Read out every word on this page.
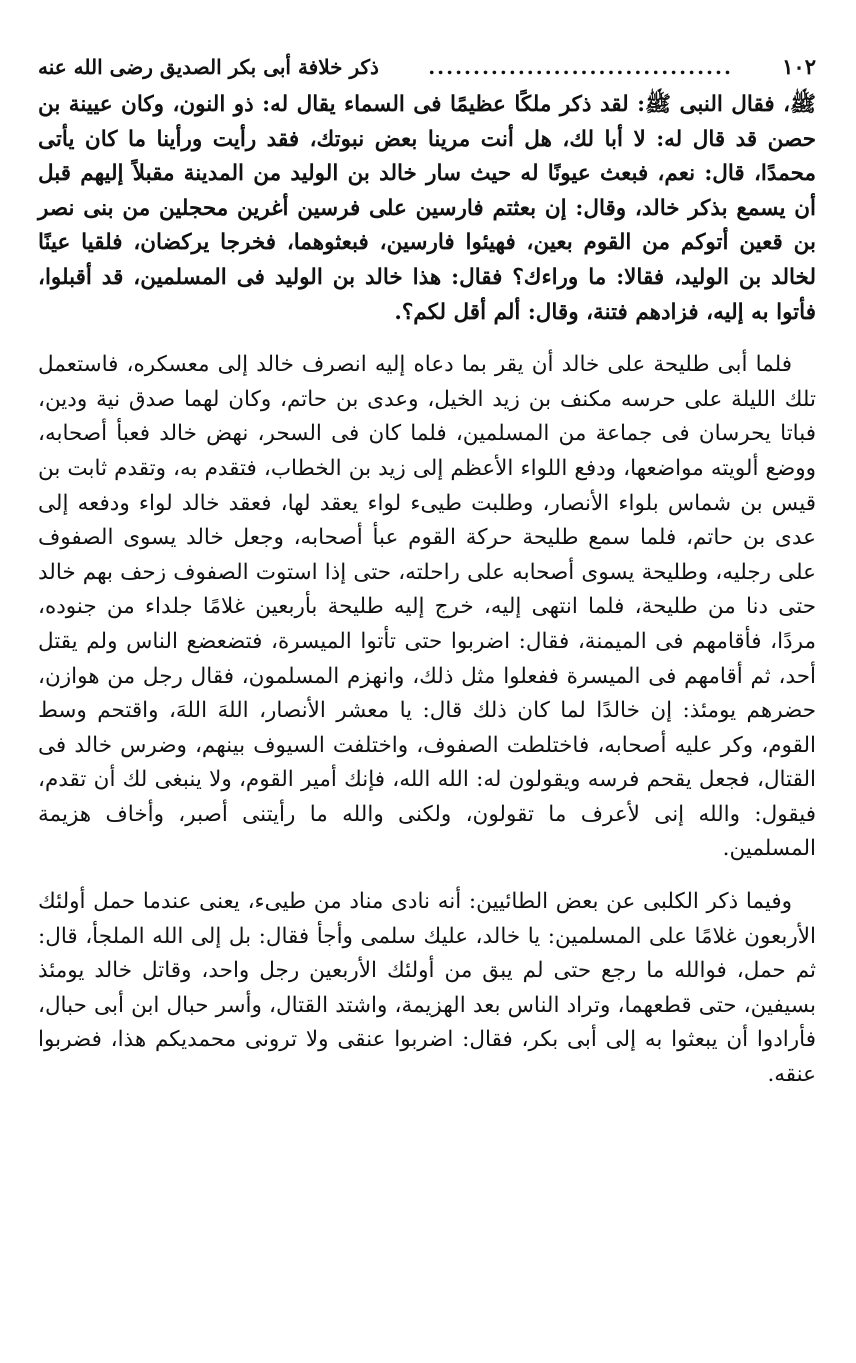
١٠٢
..................................
ذكر خلافة أبى بكر الصديق رضى الله عنه

ﷺ، فقال النبى ﷺ: لقد ذكر ملكًا عظيمًا فى السماء يقال له: ذو النون، وكان عيينة بن حصن قد قال له: لا أبا لك، هل أنت مرينا بعض نبوتك، فقد رأيت ورأينا ما كان يأتى محمدًا، قال: نعم، فبعث عيونًا له حيث سار خالد بن الوليد من المدينة مقبلاً إليهم قبل أن يسمع بذكر خالد، وقال: إن بعثتم فارسين على فرسين أغرين محجلين من بنى نصر بن قعين أتوكم من القوم بعين، فهيئوا فارسين، فبعثوهما، فخرجا يركضان، فلقيا عينًا لخالد بن الوليد، فقالا: ما وراءك؟ فقال: هذا خالد بن الوليد فى المسلمين، قد أقبلوا، فأتوا به إليه، فزادهم فتنة، وقال: ألم أقل لكم؟.

فلما أبى طليحة على خالد أن يقر بما دعاه إليه انصرف خالد إلى معسكره، فاستعمل تلك الليلة على حرسه مكنف بن زيد الخيل، وعدى بن حاتم، وكان لهما صدق نية ودين، فباتا يحرسان فى جماعة من المسلمين، فلما كان فى السحر، نهض خالد فعبأ أصحابه، ووضع ألويته مواضعها، ودفع اللواء الأعظم إلى زيد بن الخطاب، فتقدم به، وتقدم ثابت بن قيس بن شماس بلواء الأنصار، وطلبت طيىء لواء يعقد لها، فعقد خالد لواء ودفعه إلى عدى بن حاتم، فلما سمع طليحة حركة القوم عبأ أصحابه، وجعل خالد يسوى الصفوف على رجليه، وطليحة يسوى أصحابه على راحلته، حتى إذا استوت الصفوف زحف بهم خالد حتى دنا من طليحة، فلما انتهى إليه، خرج إليه طليحة بأربعين غلامًا جلداء من جنوده، مردًا، فأقامهم فى الميمنة، فقال: اضربوا حتى تأتوا الميسرة، فتضعضع الناس ولم يقتل أحد، ثم أقامهم فى الميسرة ففعلوا مثل ذلك، وانهزم المسلمون، فقال رجل من هوازن، حضرهم يومئذ: إن خالدًا لما كان ذلك قال: يا معشر الأنصار، اللهَ اللهَ، واقتحم وسط القوم، وكر عليه أصحابه، فاختلطت الصفوف، واختلفت السيوف بينهم، وضرس خالد فى القتال، فجعل يقحم فرسه ويقولون له: الله الله، فإنك أمير القوم، ولا ينبغى لك أن تقدم، فيقول: والله إنى لأعرف ما تقولون، ولكنى والله ما رأيتنى أصبر، وأخاف هزيمة المسلمين.

وفيما ذكر الكلبى عن بعض الطائيين: أنه نادى مناد من طيىء، يعنى عندما حمل أولئك الأربعون غلامًا على المسلمين: يا خالد، عليك سلمى وأجأ فقال: بل إلى الله الملجأ، قال: ثم حمل، فوالله ما رجع حتى لم يبق من أولئك الأربعين رجل واحد، وقاتل خالد يومئذ بسيفين، حتى قطعهما، وتراد الناس بعد الهزيمة، واشتد القتال، وأسر حبال ابن أبى حبال، فأرادوا أن يبعثوا به إلى أبى بكر، فقال: اضربوا عنقى ولا ترونى محمديكم هذا، فضربوا عنقه.
